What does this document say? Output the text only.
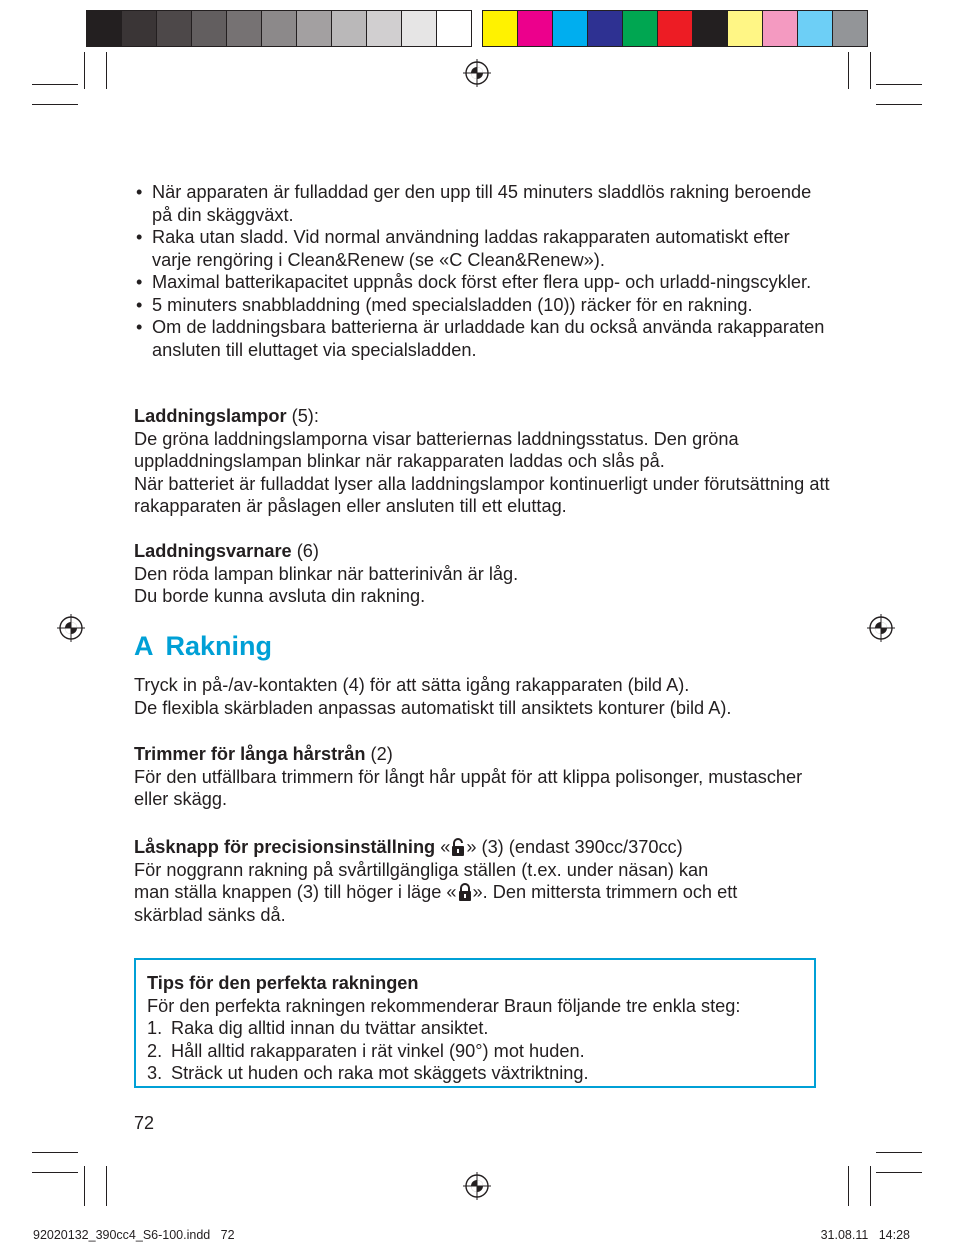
• När apparaten är fulladdad ger den upp till 45 minuters sladdlös rakning beroende på din skäggväxt.
• Raka utan sladd. Vid normal användning laddas rakapparaten automatiskt efter varje rengöring i Clean&Renew (se «C Clean&Renew»).
• Maximal batterikapacitet uppnås dock först efter flera upp- och urladd-ningscykler.
• 5 minuters snabbladdning (med specialsladden (10)) räcker för en rakning.
• Om de laddningsbara batterierna är urladdade kan du också använda rakapparaten ansluten till eluttaget via specialsladden.

Laddningslampor (5):

De gröna laddningslamporna visar batteriernas laddningsstatus. Den gröna uppladdningslampan blinkar när rakapparaten laddas och slås på.

När batteriet är fulladdat lyser alla laddningslampor kontinuerligt under förutsättning att rakapparaten är påslagen eller ansluten till ett eluttag.

Laddningsvarnare (6)

Den röda lampan blinkar när batterinivån är låg.

Du borde kunna avsluta din rakning.

A Rakning

Tryck in på-/av-kontakten (4) för att sätta igång rakapparaten (bild A).

De flexibla skärbladen anpassas automatiskt till ansiktets konturer (bild A).

Trimmer för långa hårstrån (2)

För den utfällbara trimmern för långt hår uppåt för att klippa polisonger, mustascher eller skägg.

Låsknapp för precisionsinställning « » (3) (endast 390cc/370cc)

För noggrann rakning på svårtillgängliga ställen (t.ex. under näsan) kan

man ställa knappen (3) till höger i läge « ». Den mittersta trimmern och ett

skärblad sänks då.

Tips för den perfekta rakningen
För den perfekta rakningen rekommenderar Braun följande tre enkla steg:
1. Raka dig alltid innan du tvättar ansiktet.
2. Håll alltid rakapparaten i rät vinkel (90°) mot huden.
3. Sträck ut huden och raka mot skäggets växtriktning.
72
92020132_390cc4_S6-100.indd   72	31.08.11   14:28
